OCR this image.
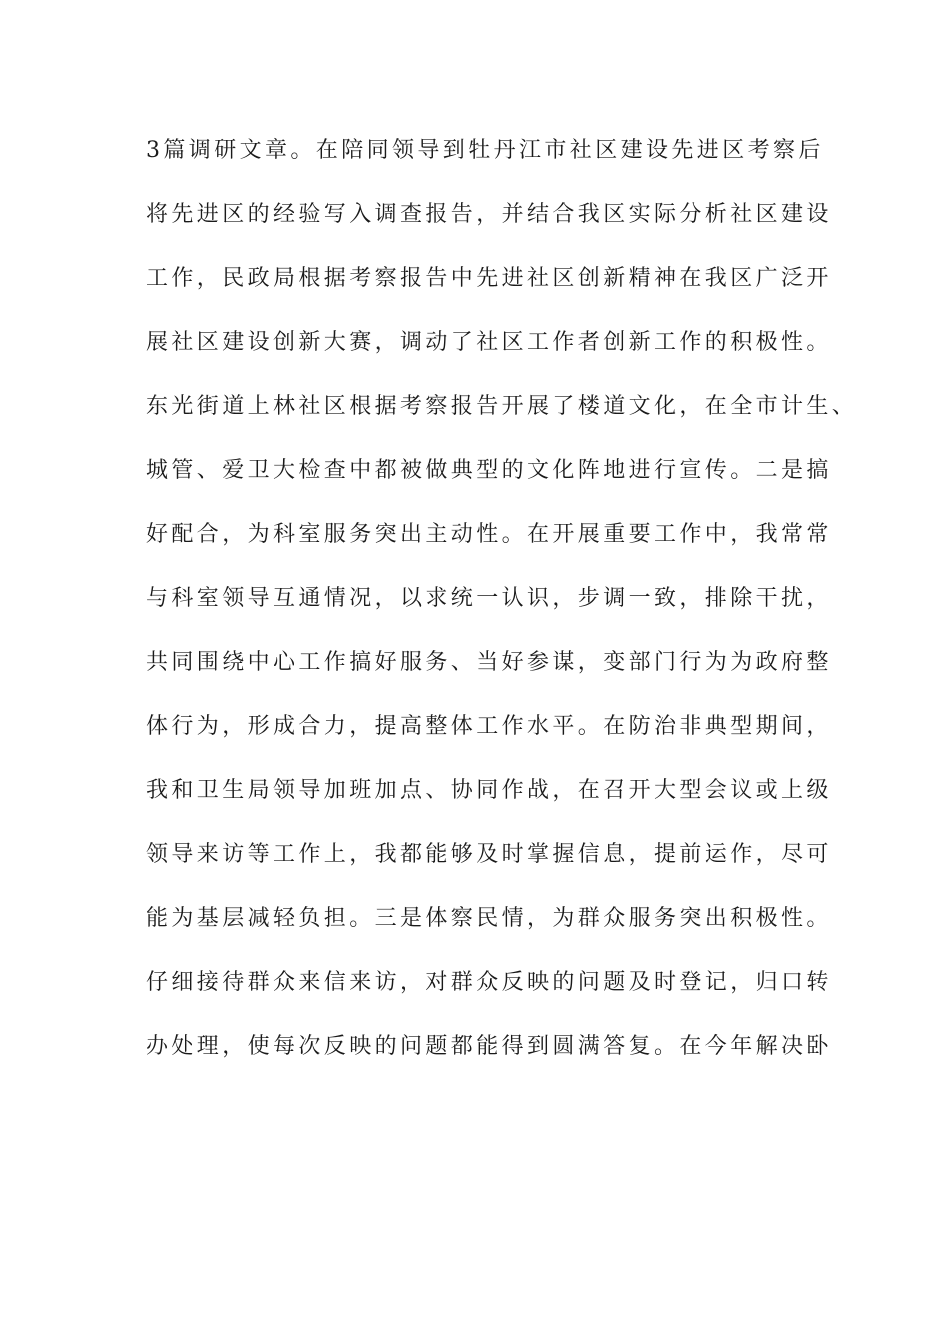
3篇调研文章。在陪同领导到牡丹江市社区建设先进区考察后
将先进区的经验写入调查报告，并结合我区实际分析社区建设
工作，民政局根据考察报告中先进社区创新精神在我区广泛开
展社区建设创新大赛，调动了社区工作者创新工作的积极性。
东光街道上林社区根据考察报告开展了楼道文化，在全市计生、
城管、爱卫大检查中都被做典型的文化阵地进行宣传。二是搞
好配合，为科室服务突出主动性。在开展重要工作中，我常常
与科室领导互通情况，以求统一认识，步调一致，排除干扰，
共同围绕中心工作搞好服务、当好参谋，变部门行为为政府整
体行为，形成合力，提高整体工作水平。在防治非典型期间，
我和卫生局领导加班加点、协同作战，在召开大型会议或上级
领导来访等工作上，我都能够及时掌握信息，提前运作，尽可
能为基层减轻负担。三是体察民情，为群众服务突出积极性。
仔细接待群众来信来访，对群众反映的问题及时登记，归口转
办处理，使每次反映的问题都能得到圆满答复。在今年解决卧
